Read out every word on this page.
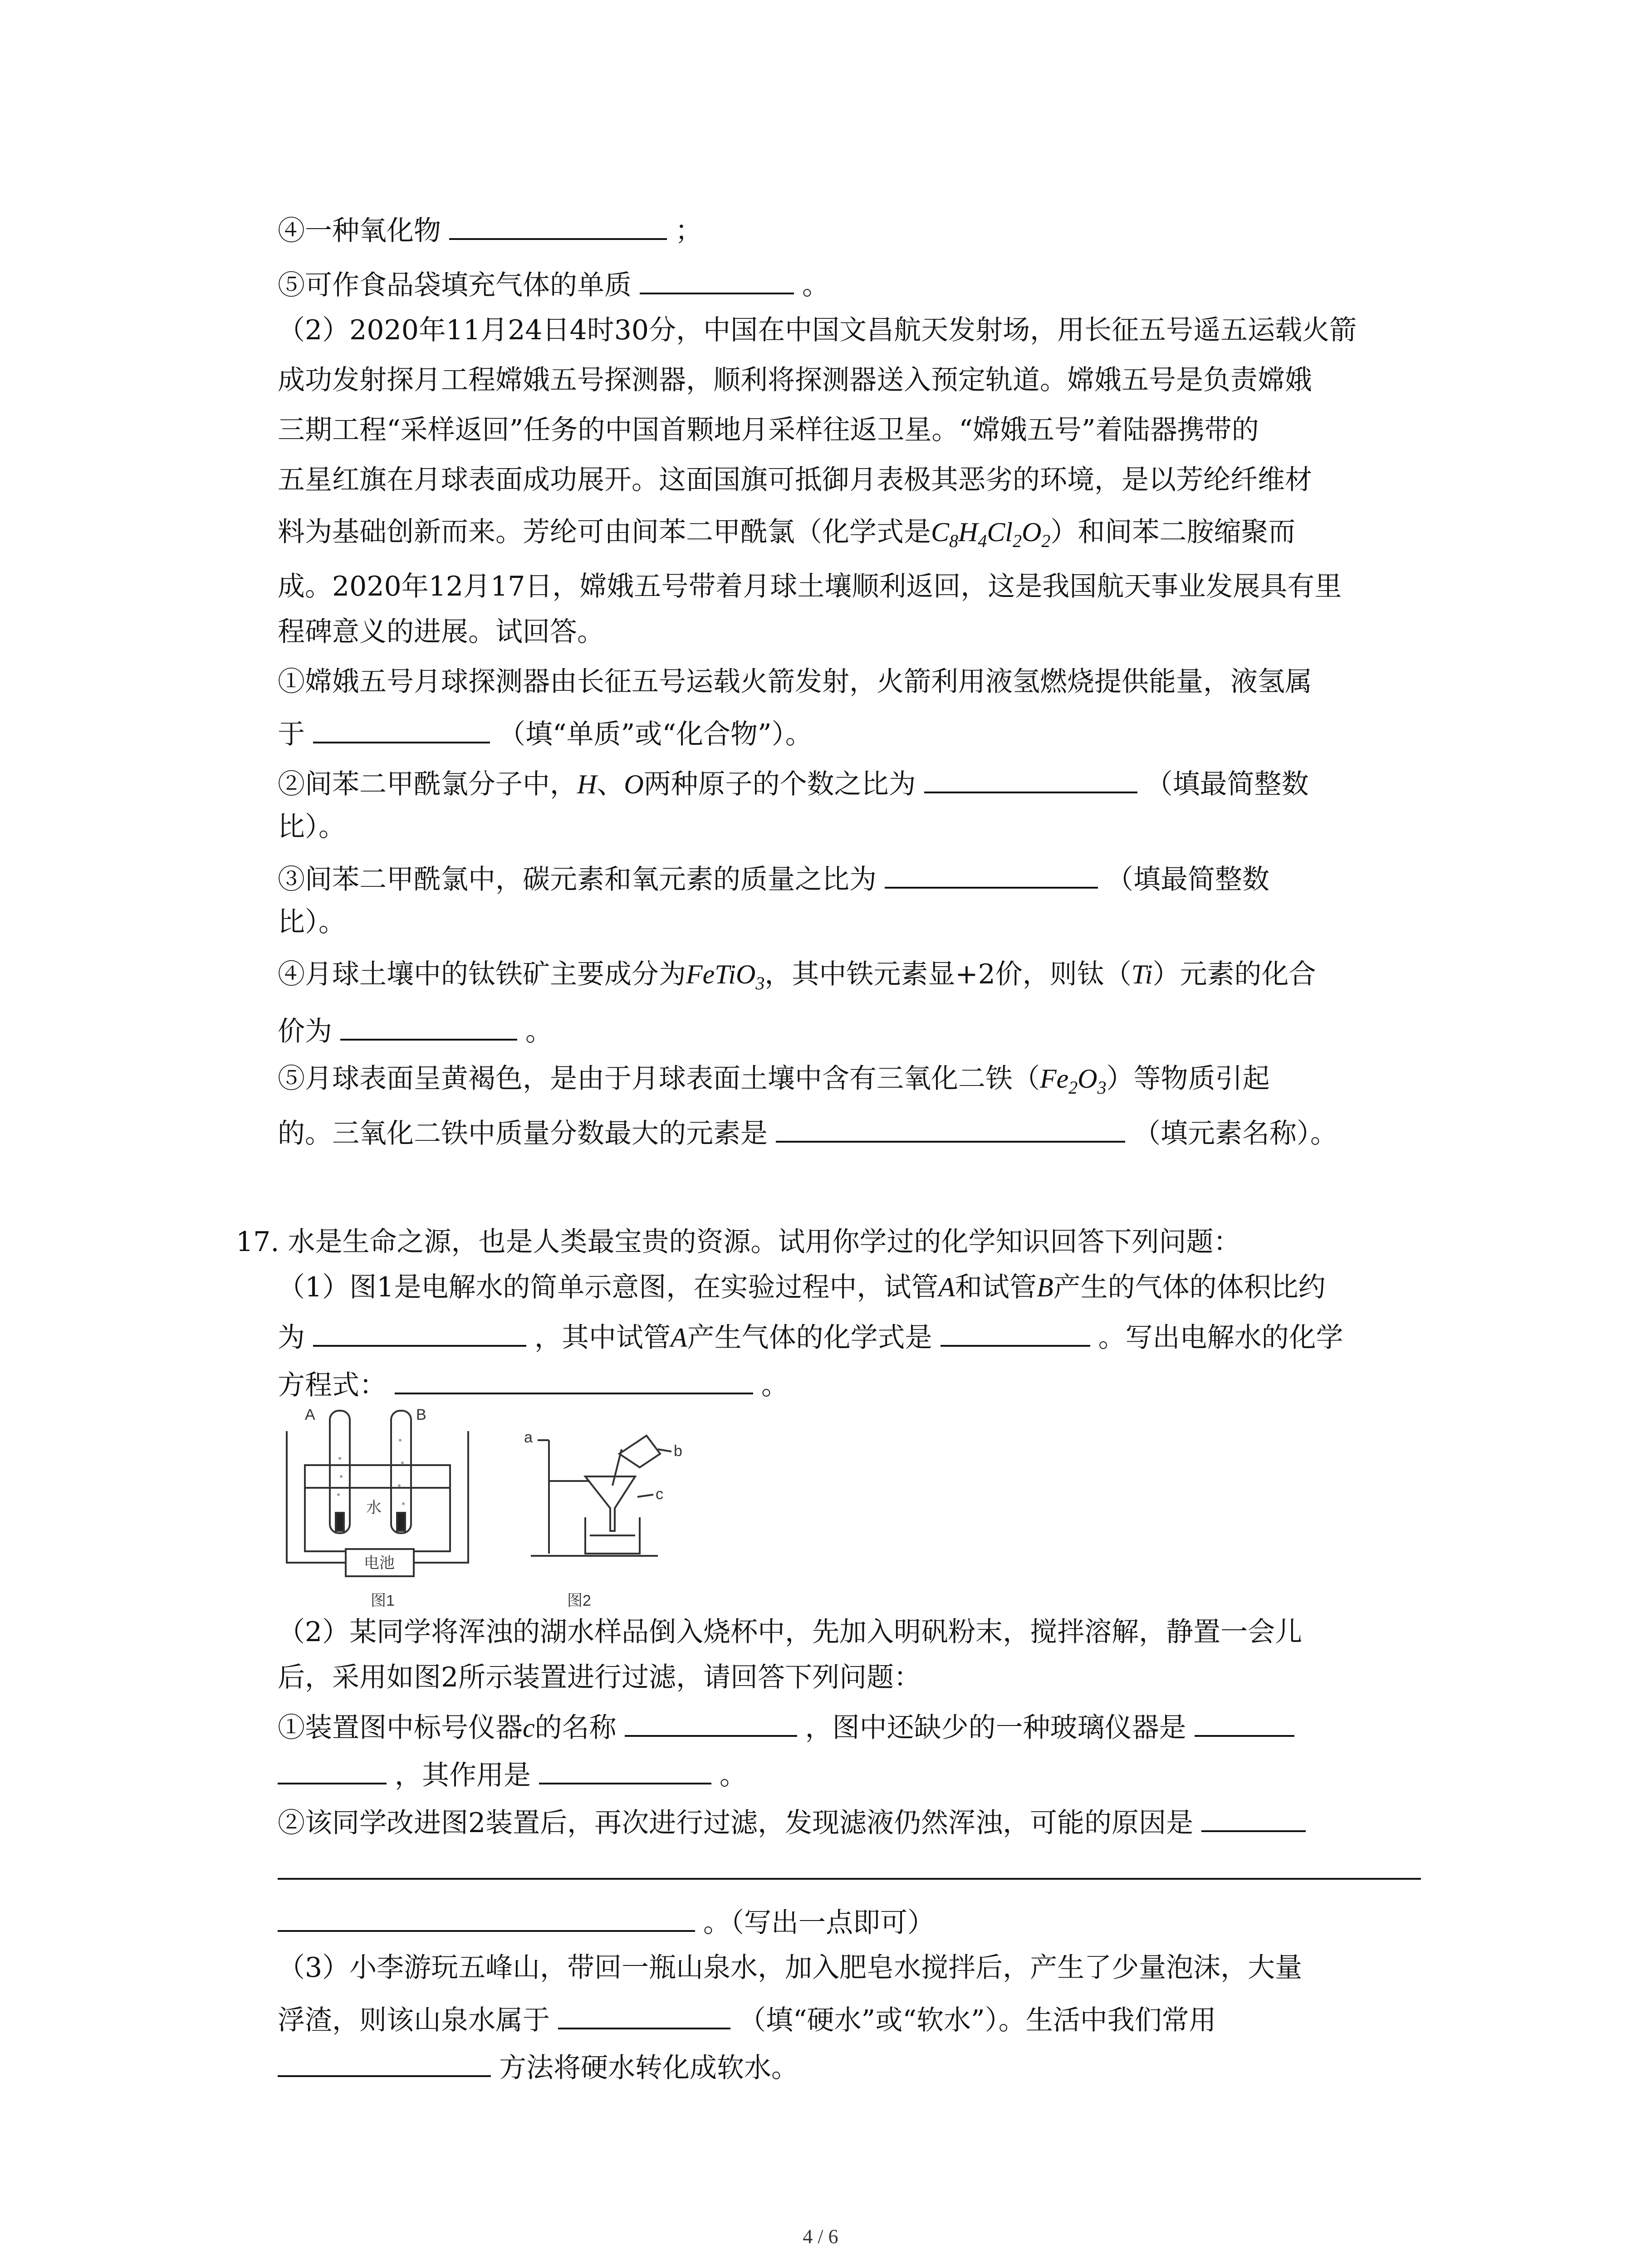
④一种氧化物	；
⑤可作食品袋填充气体的单质	。
（2）2020年11月24日4时30分，中国在中国文昌航天发射场，用长征五号遥五运载火箭
成功发射探月工程嫦娥五号探测器，顺利将探测器送入预定轨道。嫦娥五号是负责嫦娥
三期工程“采样返回”任务的中国首颗地月采样往返卫星。“嫦娥五号”着陆器携带的
五星红旗在月球表面成功展开。这面国旗可抵御月表极其恶劣的环境，是以芳纶纤维材
料为基础创新而来。芳纶可由间苯二甲酰氯（化学式是$C_8H_4Cl_2O_2$）和间苯二胺缩聚而
成。2020年12月17日，嫦娥五号带着月球土壤顺利返回，这是我国航天事业发展具有里
程碑意义的进展。试回答。
①嫦娥五号月球探测器由长征五号运载火箭发射，火箭利用液氢燃烧提供能量，液氢属
于	（填“单质”或“化合物”）。
②间苯二甲酰氯分子中，H、O两种原子的个数之比为	（填最简整数
比）。
③间苯二甲酰氯中，碳元素和氧元素的质量之比为	（填最简整数
比）。
④月球土壤中的钛铁矿主要成分为FeTiO$_3$，其中铁元素显+2价，则钛（Ti）元素的化合
价为	。
⑤月球表面呈黄褐色，是由于月球表面土壤中含有三氧化二铁$(Fe_2O_3)$等物质引起
的。三氧化二铁中质量分数最大的元素是	（填元素名称）。
17. 水是生命之源，也是人类最宝贵的资源。试用你学过的化学知识回答下列问题：
（1）图1是电解水的简单示意图，在实验过程中，试管A和试管B产生的气体的体积比约
为	，其中试管A产生气体的化学式是	。写出电解水的化学
方程式：	。
A	B
水
电池
图1
a
b
c
图2
（2）某同学将浑浊的湖水样品倒入烧杯中，先加入明矾粉末，搅拌溶解，静置一会儿
后，采用如图2所示装置进行过滤，请回答下列问题：
①装置图中标号仪器c的名称	，图中还缺少的一种玻璃仪器是
，其作用是	。
②该同学改进图2装置后，再次进行过滤，发现滤液仍然浑浊，可能的原因是
。（写出一点即可）
（3）小李游玩五峰山，带回一瓶山泉水，加入肥皂水搅拌后，产生了少量泡沫，大量
浮渣，则该山泉水属于	（填“硬水”或“软水”）。生活中我们常用
方法将硬水转化成软水。
4 / 6
